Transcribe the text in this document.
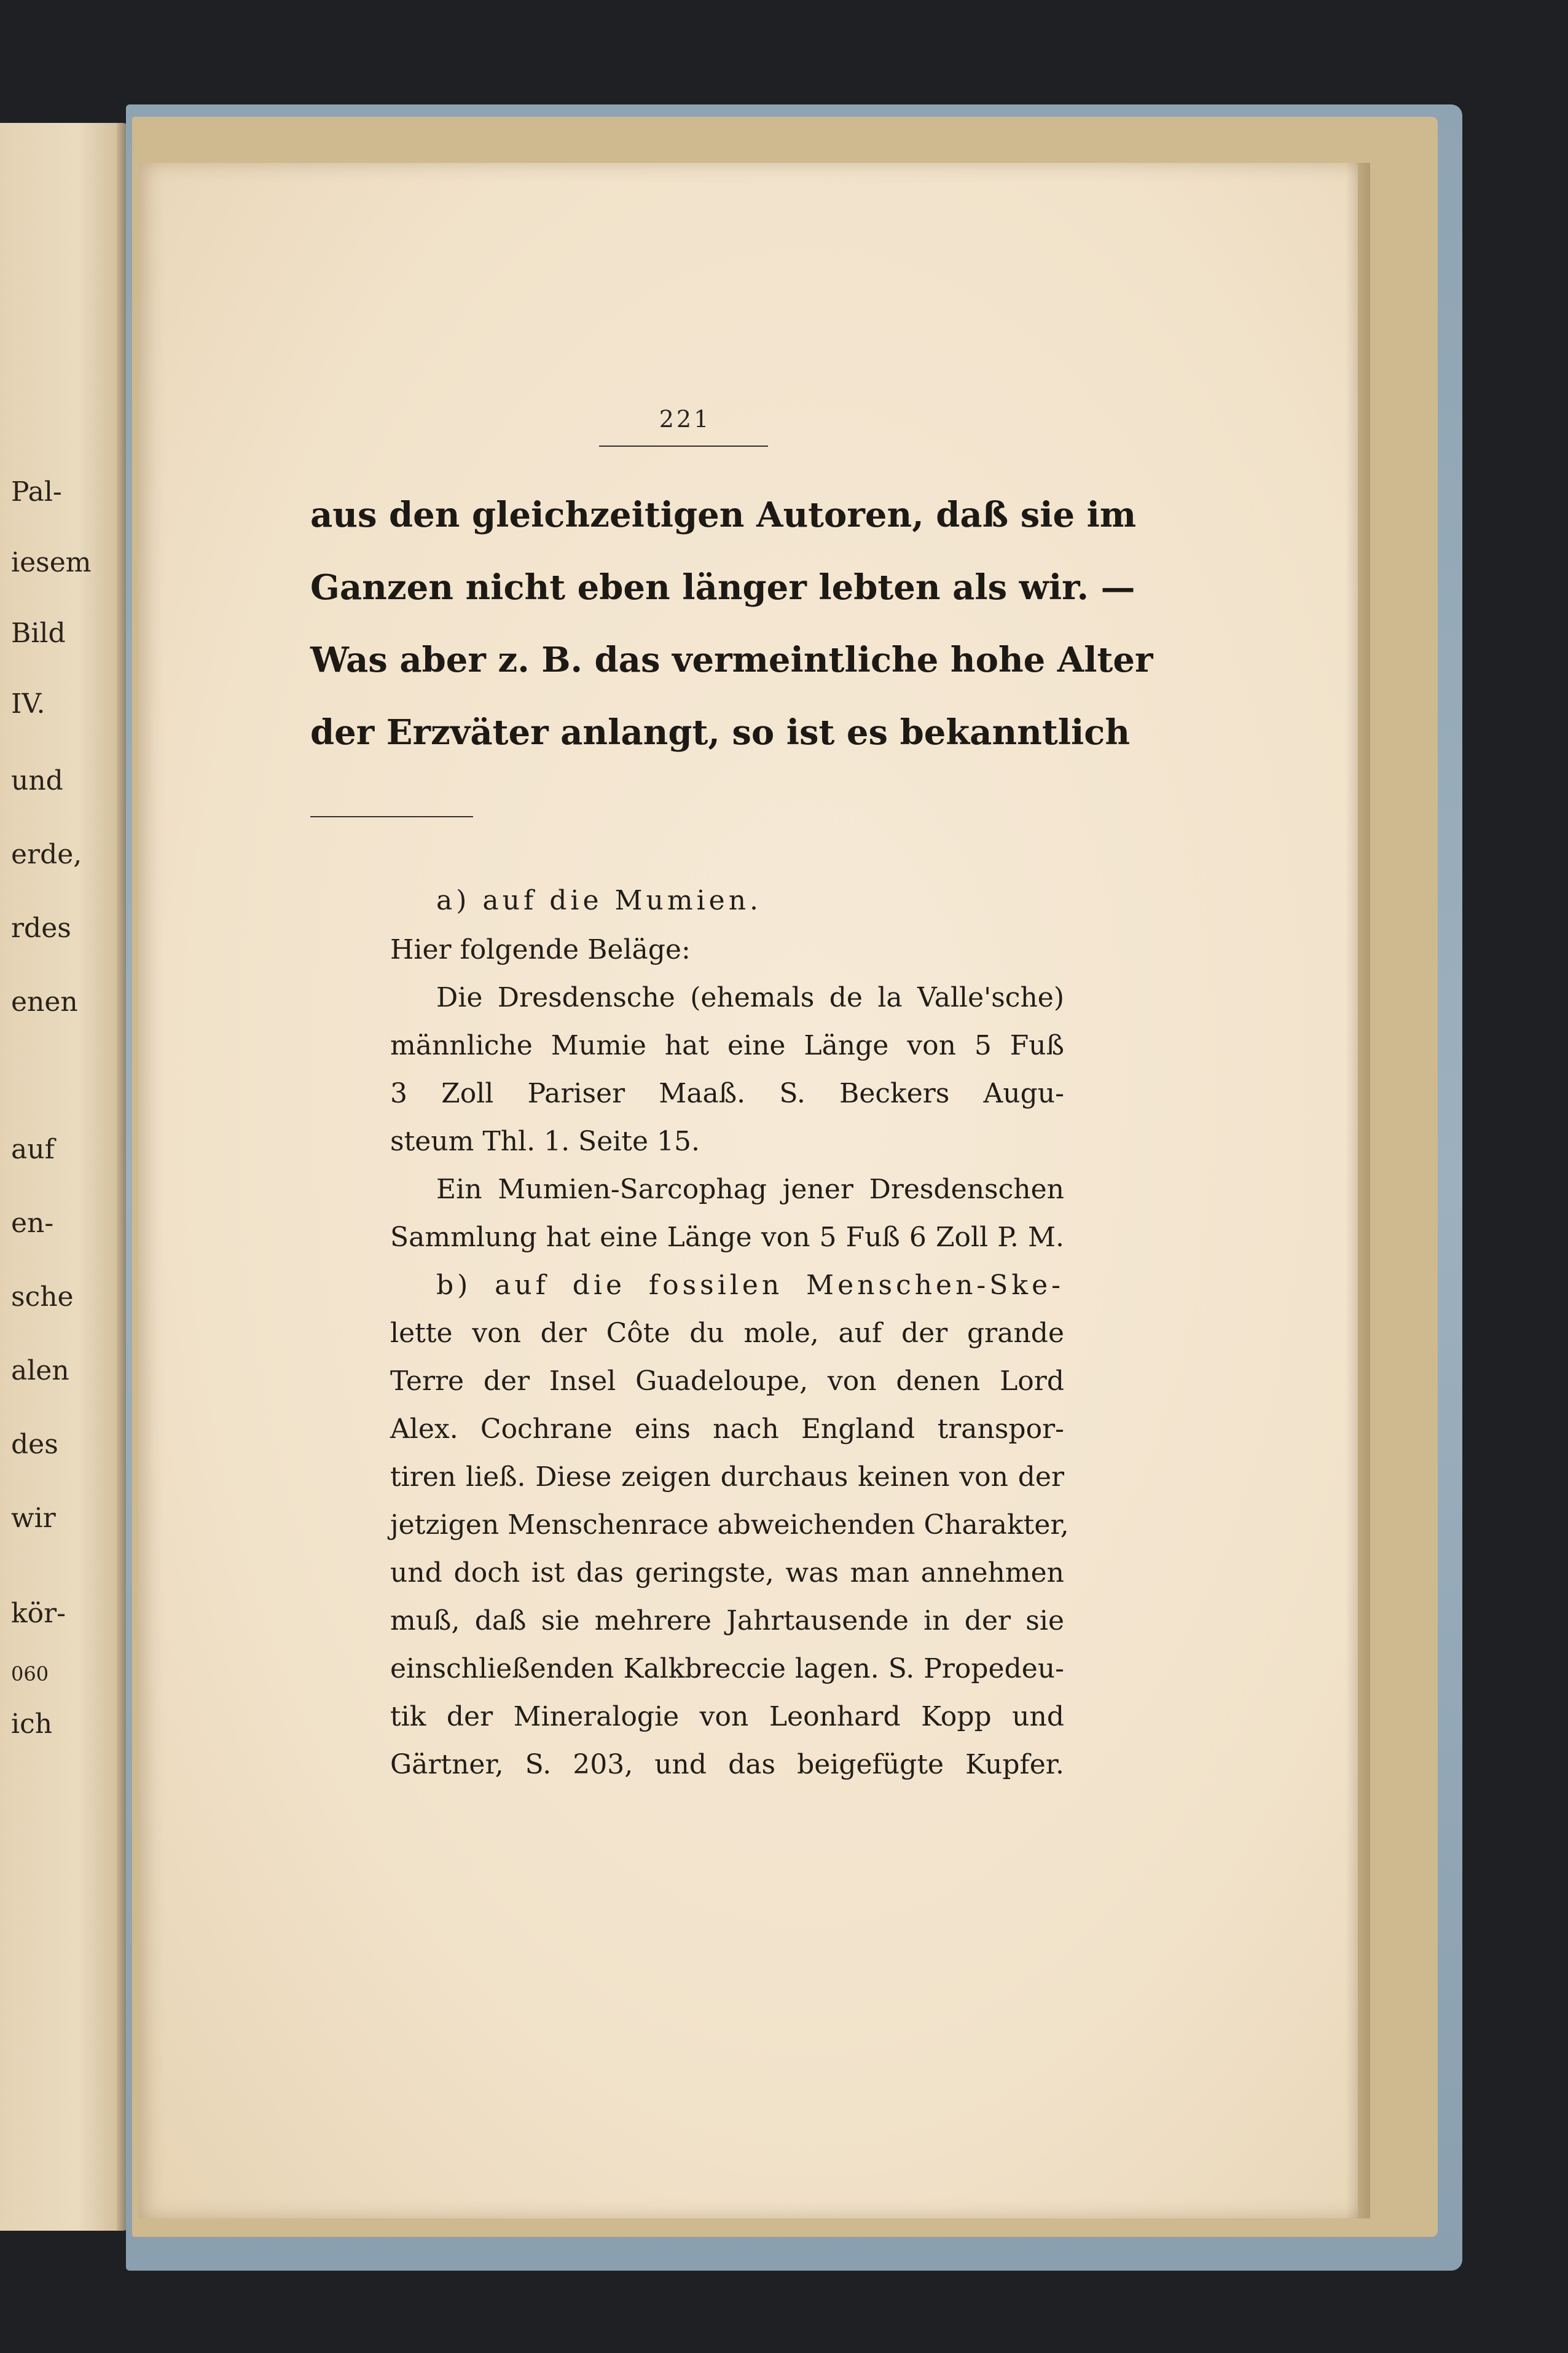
Pal-

iesem

Bild

IV.

und

erde,

rdes

enen

auf

en-

sche

alen

des

wir

kör-

060

ich

221

aus den gleichzeitigen Autoren, daß sie im

Ganzen nicht eben länger lebten als wir. —

Was aber z. B. das vermeintliche hohe Alter

der Erzväter anlangt, so ist es bekanntlich

a) auf die Mumien.

Hier folgende Beläge:

Die Dresdensche (ehemals de la Valle'sche)

männliche Mumie hat eine Länge von 5 Fuß

3 Zoll Pariser Maaß. S. Beckers Augu-

steum Thl. 1. Seite 15.

Ein Mumien-Sarcophag jener Dresdenschen

Sammlung hat eine Länge von 5 Fuß 6 Zoll P. M.

b) auf die fossilen Menschen-Ske-

lette von der Côte du mole, auf der grande

Terre der Insel Guadeloupe, von denen Lord

Alex. Cochrane eins nach England transpor-

tiren ließ. Diese zeigen durchaus keinen von der

jetzigen Menschenrace abweichenden Charakter,

und doch ist das geringste, was man annehmen

muß, daß sie mehrere Jahrtausende in der sie

einschließenden Kalkbreccie lagen. S. Propedeu-

tik der Mineralogie von Leonhard Kopp und

Gärtner, S. 203, und das beigefügte Kupfer.
